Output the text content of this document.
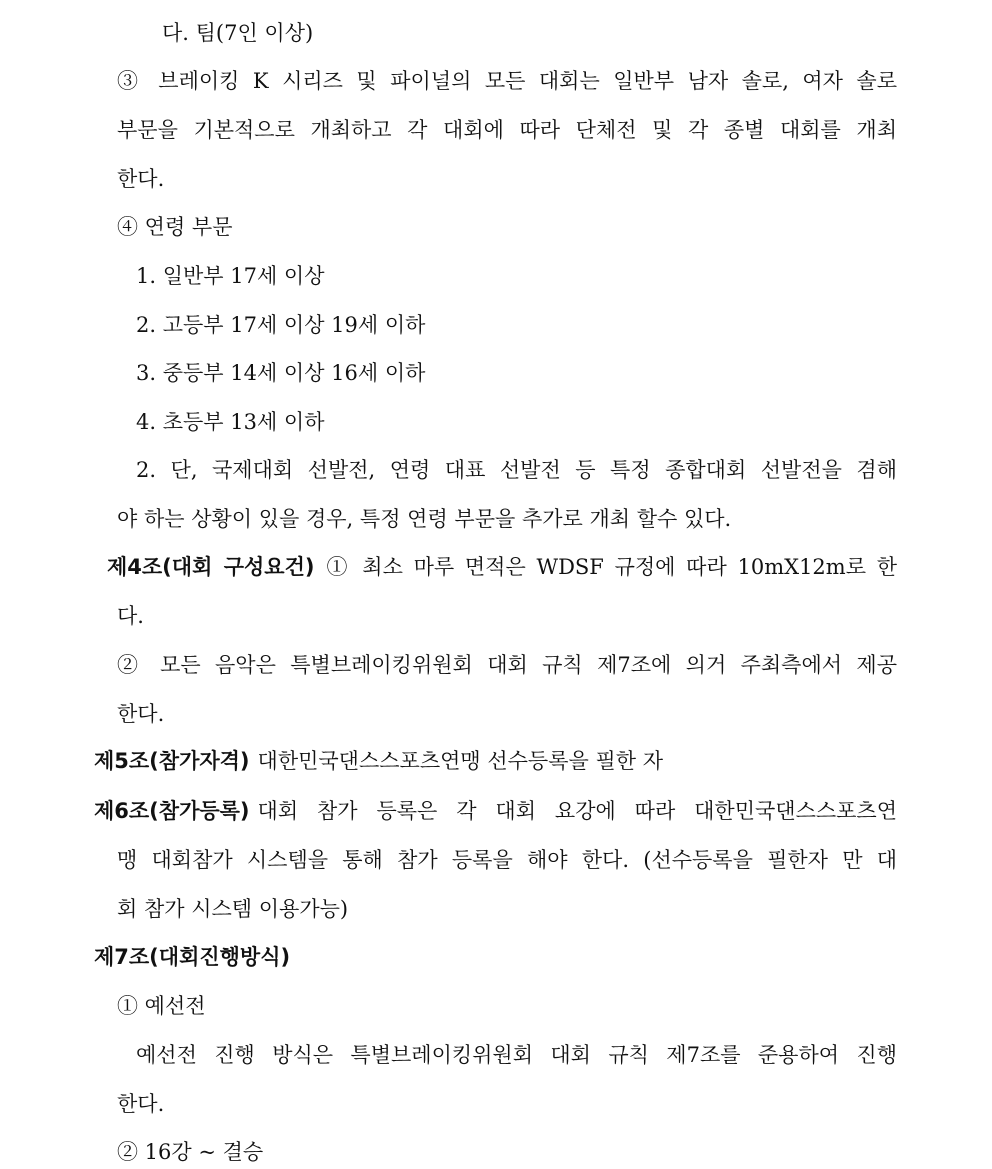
다. 팀(7인 이상)
③ 브레이킹 K 시리즈 및 파이널의 모든 대회는 일반부 남자 솔로, 여자 솔로
부문을 기본적으로 개최하고 각 대회에 따라 단체전 및 각 종별 대회를 개최
한다.
④ 연령 부문
1. 일반부 17세 이상
2. 고등부 17세 이상 19세 이하
3. 중등부 14세 이상 16세 이하
4. 초등부 13세 이하
2. 단, 국제대회 선발전, 연령 대표 선발전 등 특정 종합대회 선발전을 겸해
야 하는 상황이 있을 경우, 특정 연령 부문을 추가로 개최 할수 있다.
제4조(대회 구성요건) ① 최소 마루 면적은 WDSF 규정에 따라 10mX12m로 한
다.
② 모든 음악은 특별브레이킹위원회 대회 규칙 제7조에 의거 주최측에서 제공
한다.
제5조(참가자격) 대한민국댄스스포츠연맹 선수등록을 필한 자
제6조(참가등록) 대회 참가 등록은 각 대회 요강에 따라 대한민국댄스스포츠연
맹 대회참가 시스템을 통해 참가 등록을 해야 한다. (선수등록을 필한자 만 대
회 참가 시스템 이용가능)
제7조(대회진행방식)
① 예선전
예선전 진행 방식은 특별브레이킹위원회 대회 규칙 제7조를 준용하여 진행
한다.
② 16강 ~ 결승
